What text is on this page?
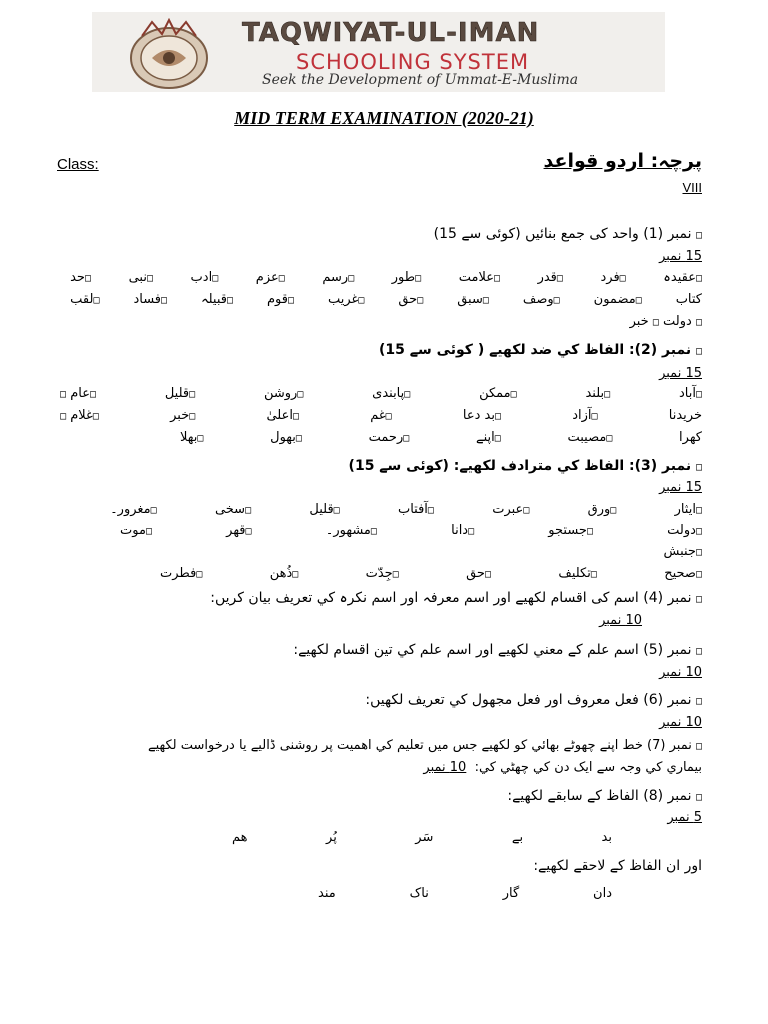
TAQWIYAT-UL-IMAN
SCHOOLING SYSTEM
Seek the Development of Ummat-E-Muslima
MID TERM EXAMINATION (2020-21)
Class:	پرچہ: اردو قواعد
VIII
□ نمبر (1) واحد کی جمع بنائیں (کوئی سے 15)
15 نمبر
□عقیدہ
□فرد
□قدر
□علامت
□طور
□رسم
□عزم
□ادب
□نبی
□حد
کتاب
□مضمون
□وصف
□سبق
□حق
□غریب
□قوم
□قبیلہ
□فساد
□لقب
□ دولت □ خبر
□ نمبر (2): الفاظ کي ضد لکھیے ( کوئی سے 15)
15 نمبر
□آباد
□بلند
□ممکن
□پابندی
□روشن
□قلیل
□عام □
خریدنا
□آزاد
□بد دعا
□غم
□اعلیٰ
□خبر
□غلام □
کھرا
□مصیبت
□اپنے
□رحمت
□بھول
□بھلا
□ نمبر (3): الفاظ کي مترادف لکھیے: (کوئی سے 15)
15 نمبر
□ایثار
□ورق
□عبرت
□آفتاب
□قلیل
□سخی
□مغرور۔
□دولت
□جستجو
□دانا
□مشھور۔
□قھر
□موت
□جنبش
□صحیح
□تکلیف
□حق
□جِدّت
□ذُھن
□فطرت
□ نمبر (4) اسم کی اقسام لکھیے اور اسم معرفہ اور اسم نکرہ کي تعریف بیان کریں:
10 نمبر
□ نمبر (5) اسم علم کے معني لکھیے اور اسم علم کي تین اقسام لکھیے:
10 نمبر
□ نمبر (6) فعل معروف اور فعل مجھول کي تعریف لکھیں:
10 نمبر
□ نمبر (7) خط اپنے چھوٹے بھائي کو لکھیے جس میں تعلیم کي اھمیت پر روشنی ڈالیے یا درخواست لکھیے
بیماري کي وجہ سے ایک دن کي چھٹي کي:  10 نمبر
□ نمبر (8) الفاظ کے سابقے لکھیے:
5 نمبر
بد
بے
سَر
پُر
ھم
اور ان الفاظ کے لاحقے لکھیے:
دان
گار
ناک
مند
